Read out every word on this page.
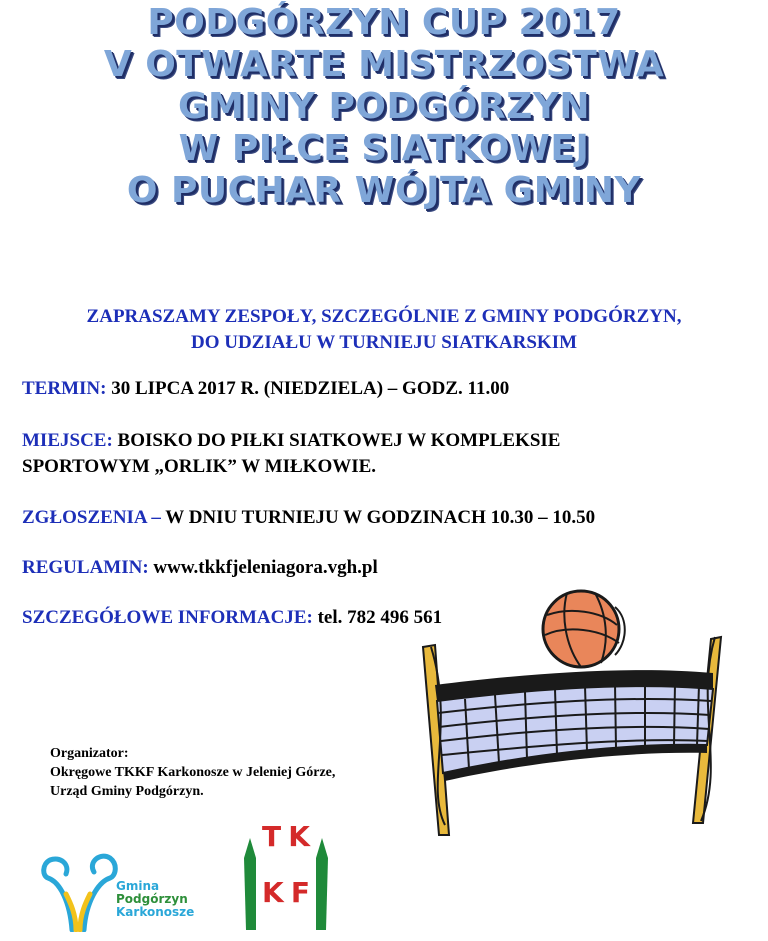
PODGÓRZYN CUP 2017
V OTWARTE MISTRZOSTWA
GMINY PODGÓRZYN
W PIŁCE SIATKOWEJ
O PUCHAR WÓJTA GMINY
ZAPRASZAMY ZESPOŁY, SZCZEGÓLNIE Z GMINY PODGÓRZYN,
DO UDZIAŁU W TURNIEJU SIATKARSKIM
TERMIN: 30 LIPCA 2017 R. (NIEDZIELA) – GODZ. 11.00
MIEJSCE: BOISKO DO PIŁKI SIATKOWEJ W KOMPLEKSIE
SPORTOWYM „ORLIK” W MIŁKOWIE.
ZGŁOSZENIA – W DNIU TURNIEJU W GODZINACH 10.30 – 10.50
REGULAMIN: www.tkkfjeleniagora.vgh.pl
SZCZEGÓŁOWE INFORMACJE: tel. 782 496 561
Organizator:
Okręgowe TKKF Karkonosze w Jeleniej Górze,
Urząd Gminy Podgórzyn.
Gmina
Podgórzyn
Karkonosze
T K
K F
